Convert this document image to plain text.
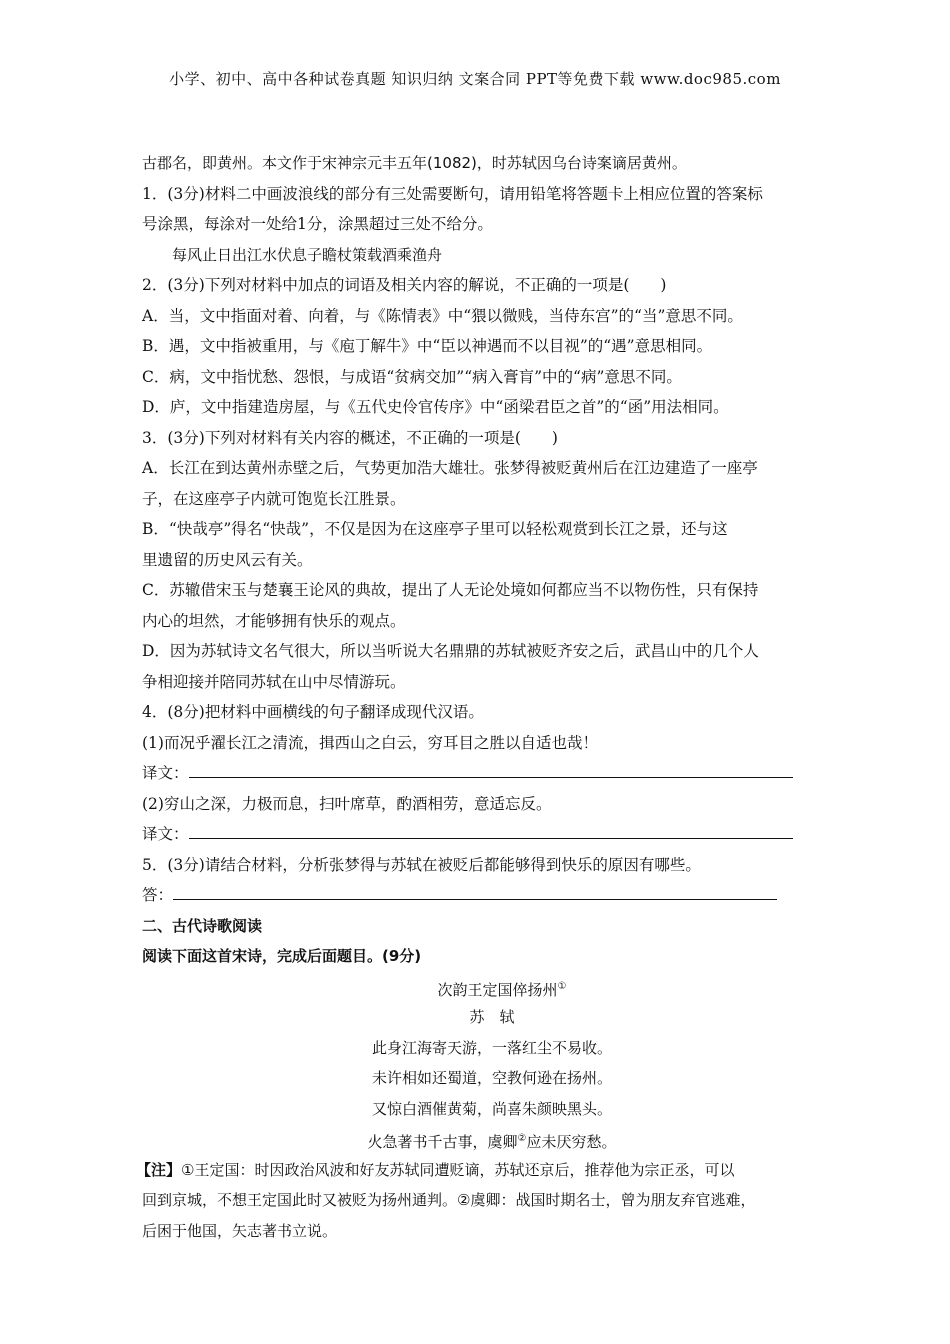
小学、初中、高中各种试卷真题 知识归纳 文案合同 PPT等免费下载 www.doc985.com
古郡名，即黄州。本文作于宋神宗元丰五年(1082)，时苏轼因乌台诗案谪居黄州。
1．(3分)材料二中画波浪线的部分有三处需要断句，请用铅笔将答题卡上相应位置的答案标
号涂黑，每涂对一处给1分，涂黑超过三处不给分。
每风止日出江水伏息子瞻杖策载酒乘渔舟
2．(3分)下列对材料中加点的词语及相关内容的解说，不正确的一项是(　　)
A．当，文中指面对着、向着，与《陈情表》中“猥以微贱，当侍东宫”的“当”意思不同。
B．遇，文中指被重用，与《庖丁解牛》中“臣以神遇而不以目视”的“遇”意思相同。
C．病，文中指忧愁、怨恨，与成语“贫病交加”“病入膏肓”中的“病”意思不同。
D．庐，文中指建造房屋，与《五代史伶官传序》中“函梁君臣之首”的“函”用法相同。
3．(3分)下列对材料有关内容的概述，不正确的一项是(　　)
A．长江在到达黄州赤壁之后，气势更加浩大雄壮。张梦得被贬黄州后在江边建造了一座亭
子，在这座亭子内就可饱览长江胜景。
B．“快哉亭”得名“快哉”，不仅是因为在这座亭子里可以轻松观赏到长江之景，还与这
里遗留的历史风云有关。
C．苏辙借宋玉与楚襄王论风的典故，提出了人无论处境如何都应当不以物伤性，只有保持
内心的坦然，才能够拥有快乐的观点。
D．因为苏轼诗文名气很大，所以当听说大名鼎鼎的苏轼被贬齐安之后，武昌山中的几个人
争相迎接并陪同苏轼在山中尽情游玩。
4．(8分)把材料中画横线的句子翻译成现代汉语。
(1)而况乎濯长江之清流，揖西山之白云，穷耳目之胜以自适也哉！
译文：
(2)穷山之深，力极而息，扫叶席草，酌酒相劳，意适忘反。
译文：
5．(3分)请结合材料，分析张梦得与苏轼在被贬后都能够得到快乐的原因有哪些。
答：
二、古代诗歌阅读
阅读下面这首宋诗，完成后面题目。(9分)
次韵王定国倅扬州①
苏　轼
此身江海寄天游，一落红尘不易收。
未许相如还蜀道，空教何逊在扬州。
又惊白酒催黄菊，尚喜朱颜映黑头。
火急著书千古事，虞卿②应未厌穷愁。
【注】①王定国：时因政治风波和好友苏轼同遭贬谪，苏轼还京后，推荐他为宗正丞，可以
回到京城，不想王定国此时又被贬为扬州通判。②虞卿：战国时期名士，曾为朋友弃官逃难，
后困于他国，矢志著书立说。
